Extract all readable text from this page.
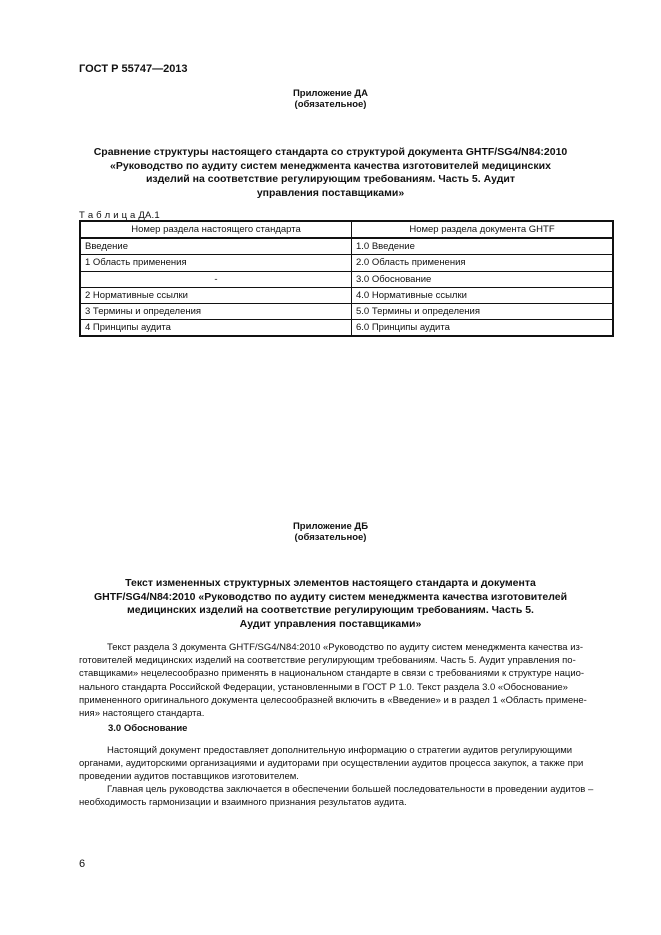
ГОСТ Р 55747—2013
Приложение ДА
(обязательное)
Сравнение структуры настоящего стандарта со структурой документа GHTF/SG4/N84:2010
«Руководство по аудиту систем менеджмента качества изготовителей медицинских
изделий на соответствие регулирующим требованиям. Часть 5. Аудит
управления поставщиками»
Т а б л и ц а ДА.1
Номер раздела настоящего стандарта	Номер раздела документа GHTF
Введение	1.0 Введение
1 Область применения	2.0 Область применения
-	3.0 Обоснование
2 Нормативные ссылки	4.0 Нормативные ссылки
3 Термины и определения	5.0 Термины и определения
4 Принципы аудита	6.0 Принципы аудита
Приложение ДБ
(обязательное)
Текст измененных структурных элементов настоящего стандарта и документа
GHTF/SG4/N84:2010 «Руководство по аудиту систем менеджмента качества изготовителей
медицинских изделий на соответствие регулирующим требованиям. Часть 5.
Аудит управления поставщиками»
Текст раздела 3 документа GHTF/SG4/N84:2010 «Руководство по аудиту систем менеджмента качества из-
готовителей медицинских изделий на соответствие регулирующим требованиям. Часть 5. Аудит управления по-
ставщиками» нецелесообразно применять в национальном стандарте в связи с требованиями к структуре нацио-
нального стандарта Российской Федерации, установленными в ГОСТ Р 1.0. Текст раздела 3.0 «Обоснование»
примененного оригинального документа целесообразней включить в «Введение» и в раздел 1 «Область примене-
ния» настоящего стандарта.
3.0 Обоснование
Настоящий документ предоставляет дополнительную информацию о стратегии аудитов регулирующими
органами, аудиторскими организациями и аудиторами при осуществлении аудитов процесса закупок, а также при
проведении аудитов поставщиков изготовителем.
Главная цель руководства заключается в обеспечении большей последовательности в проведении аудитов –
необходимость гармонизации и взаимного признания результатов аудита.
6
